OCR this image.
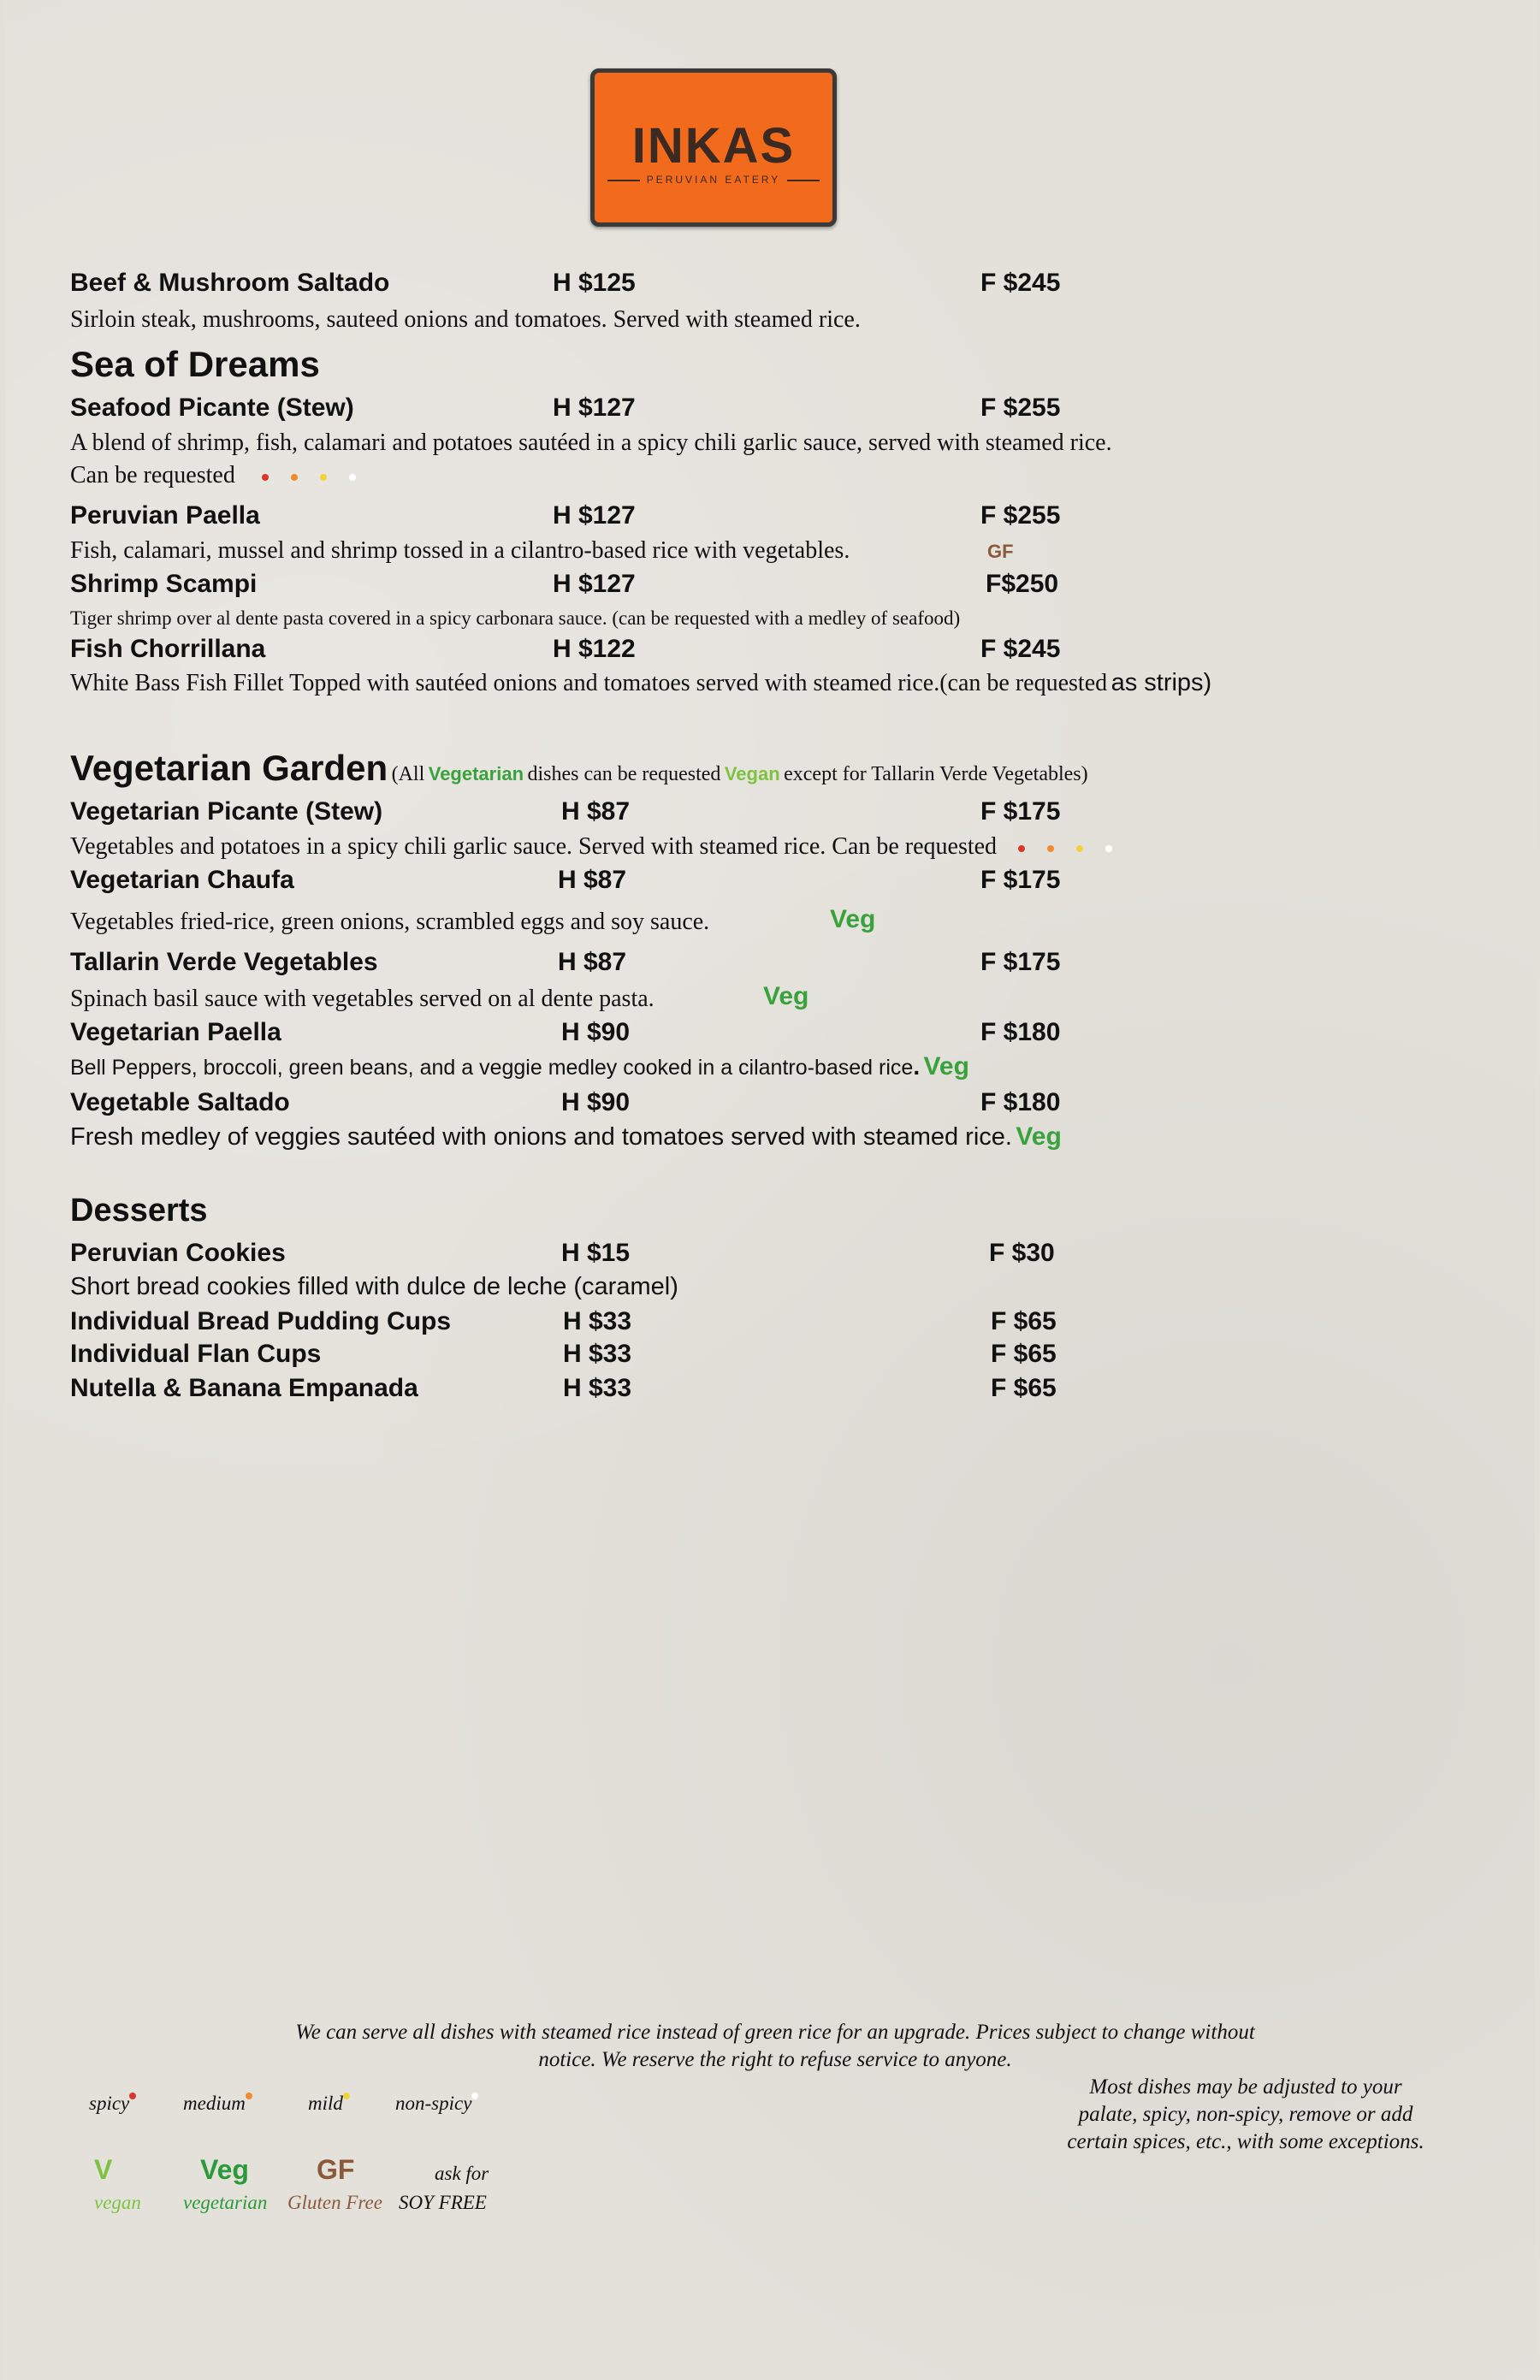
INKAS
PERUVIAN EATERY
Beef & Mushroom Saltado	H $125	F $245
Sirloin steak, mushrooms, sauteed onions and tomatoes. Served with steamed rice.
Sea of Dreams
Seafood Picante (Stew)	H $127	F $255
A blend of shrimp, fish, calamari and potatoes sautéed in a spicy chili garlic sauce, served with steamed rice.
Can be requested
Peruvian Paella	H $127	F $255
Fish, calamari, mussel and shrimp tossed in a cilantro-based rice with vegetables.	GF
Shrimp Scampi	H $127	F$250
Tiger shrimp over al dente pasta covered in a spicy carbonara sauce. (can be requested with a medley of seafood)
Fish Chorrillana	H $122	F $245
White Bass Fish Fillet Topped with sautéed onions and tomatoes served with steamed rice.(can be requested as strips)
Vegetarian Garden (All Vegetarian dishes can be requested Vegan except for Tallarin Verde Vegetables)
Vegetarian Picante (Stew)	H $87	F $175
Vegetables and potatoes in a spicy chili garlic sauce. Served with steamed rice. Can be requested
Vegetarian Chaufa	H $87	F $175
Vegetables fried-rice, green onions, scrambled eggs and soy sauce.	Veg
Tallarin Verde Vegetables	H $87	F $175
Spinach basil sauce with vegetables served on al dente pasta.	Veg
Vegetarian Paella	H $90	F $180
Bell Peppers, broccoli, green beans, and a veggie medley cooked in a cilantro-based rice. Veg
Vegetable Saltado	H $90	F $180
Fresh medley of veggies sautéed with onions and tomatoes served with steamed rice. Veg
Desserts
Peruvian Cookies	H $15	F $30
Short bread cookies filled with dulce de leche (caramel)
Individual Bread Pudding Cups	H $33	F $65
Individual Flan Cups	H $33	F $65
Nutella & Banana Empanada	H $33	F $65
We can serve all dishes with steamed rice instead of green rice for an upgrade. Prices subject to change without
notice. We reserve the right to refuse service to anyone.
Most dishes may be adjusted to your
palate, spicy, non-spicy, remove or add
certain spices, etc., with some exceptions.
spicy	medium	mild	non-spicy
V	Veg GF	ask for
vegan vegetarian Gluten Free SOY FREE
